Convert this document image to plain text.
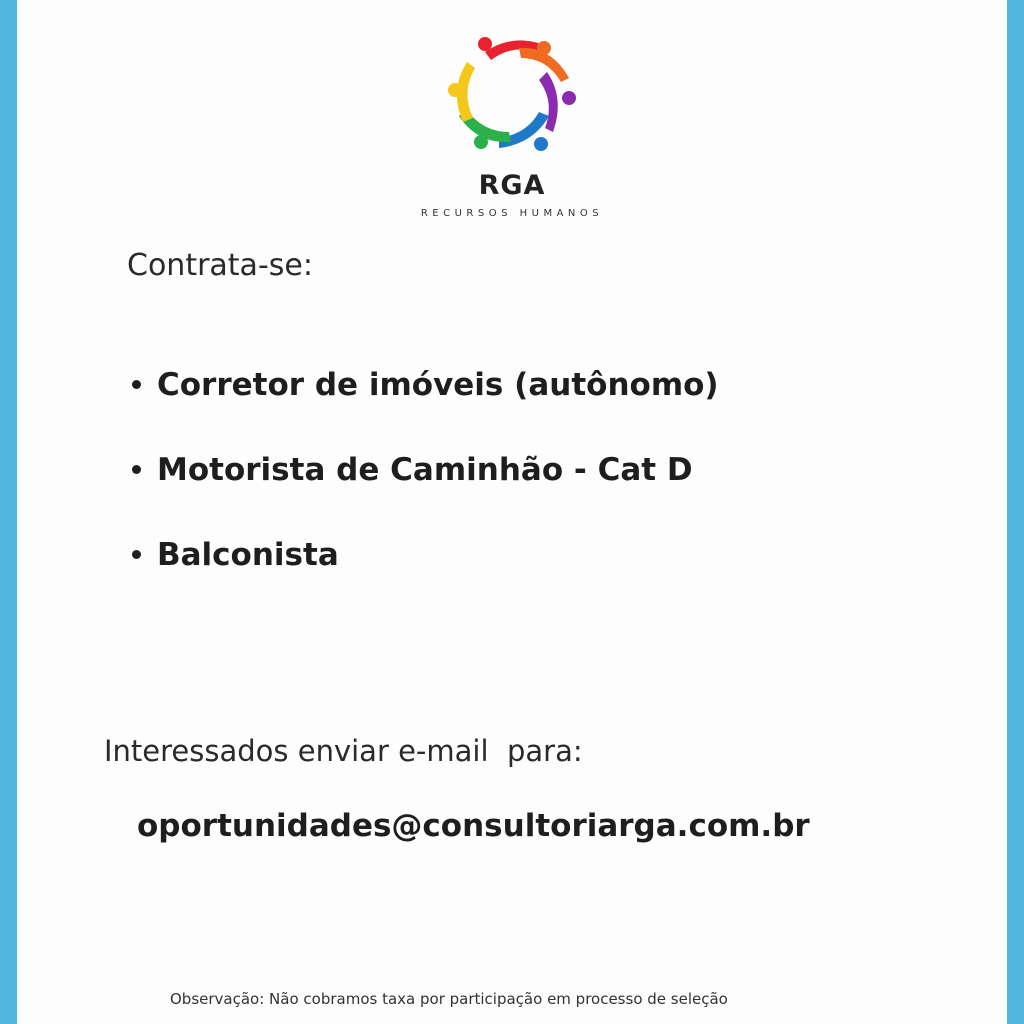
RGA
RECURSOS HUMANOS
Contrata-se:
Corretor de imóveis (autônomo)
Motorista de Caminhão - Cat D
Balconista
Interessados enviar e-mail  para:
oportunidades@consultoriarga.com.br
Observação: Não cobramos taxa por participação em processo de seleção
